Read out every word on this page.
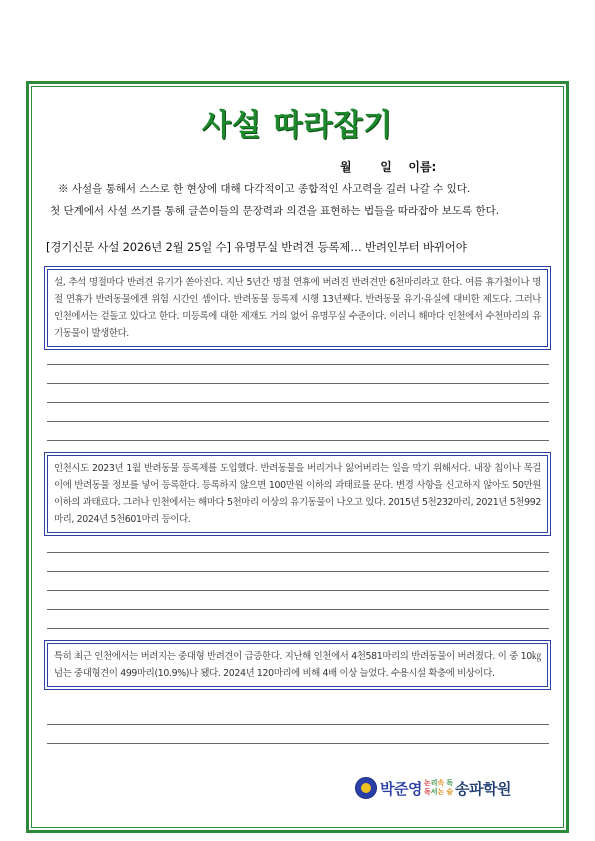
사설 따라잡기
월 일 이름:
※ 사설을 통해서 스스로 한 현상에 대해 다각적이고 종합적인 사고력을 길러 나갈 수 있다.
첫 단계에서 사설 쓰기를 통해 글쓴이들의 문장력과 의견을 표현하는 법들을 따라잡아 보도록 한다.
[경기신문 사설 2026년 2월 25일 수] 유명무실 반려견 등록제… 반려인부터 바뀌어야
설, 추석 명절마다 반려견 유기가 쏟아진다. 지난 5년간 명절 연휴에 버려진 반려견만 6천마리라고 한다. 여름 휴가철이나 명절 연휴가 반려동물에겐 위험 시간인 셈이다. 반려동물 등록제 시행 13년째다. 반려동물 유기·유실에 대비한 제도다. 그러나 인천에서는 겉돌고 있다고 한다. 미등록에 대한 제재도 거의 없어 유명무실 수준이다. 이러니 해마다 인천에서 수천마리의 유기동물이 발생한다.
인천시도 2023년 1월 반려동물 등록제를 도입했다. 반려동물을 버리거나 잃어버리는 일을 막기 위해서다. 내장 칩이나 목걸이에 반려동물 정보를 넣어 등록한다. 등록하지 않으면 100만원 이하의 과태료를 문다. 변경 사항을 신고하지 않아도 50만원 이하의 과태료다. 그러나 인천에서는 해마다 5천마리 이상의 유기동물이 나오고 있다. 2015년 5천232마리, 2021년 5천992마리, 2024년 5천601마리 등이다.
특히 최근 인천에서는 버려지는 중대형 반려견이 급증한다. 지난해 인천에서 4천581마리의 반려동물이 버려졌다. 이 중 10㎏ 넘는 중대형견이 499마리(10.9%)나 됐다. 2024년 120마리에 비해 4배 이상 늘었다. 수용시설 확충에 비상이다.
박준영 논 리 속
독 서 논
독
술 송파학원
